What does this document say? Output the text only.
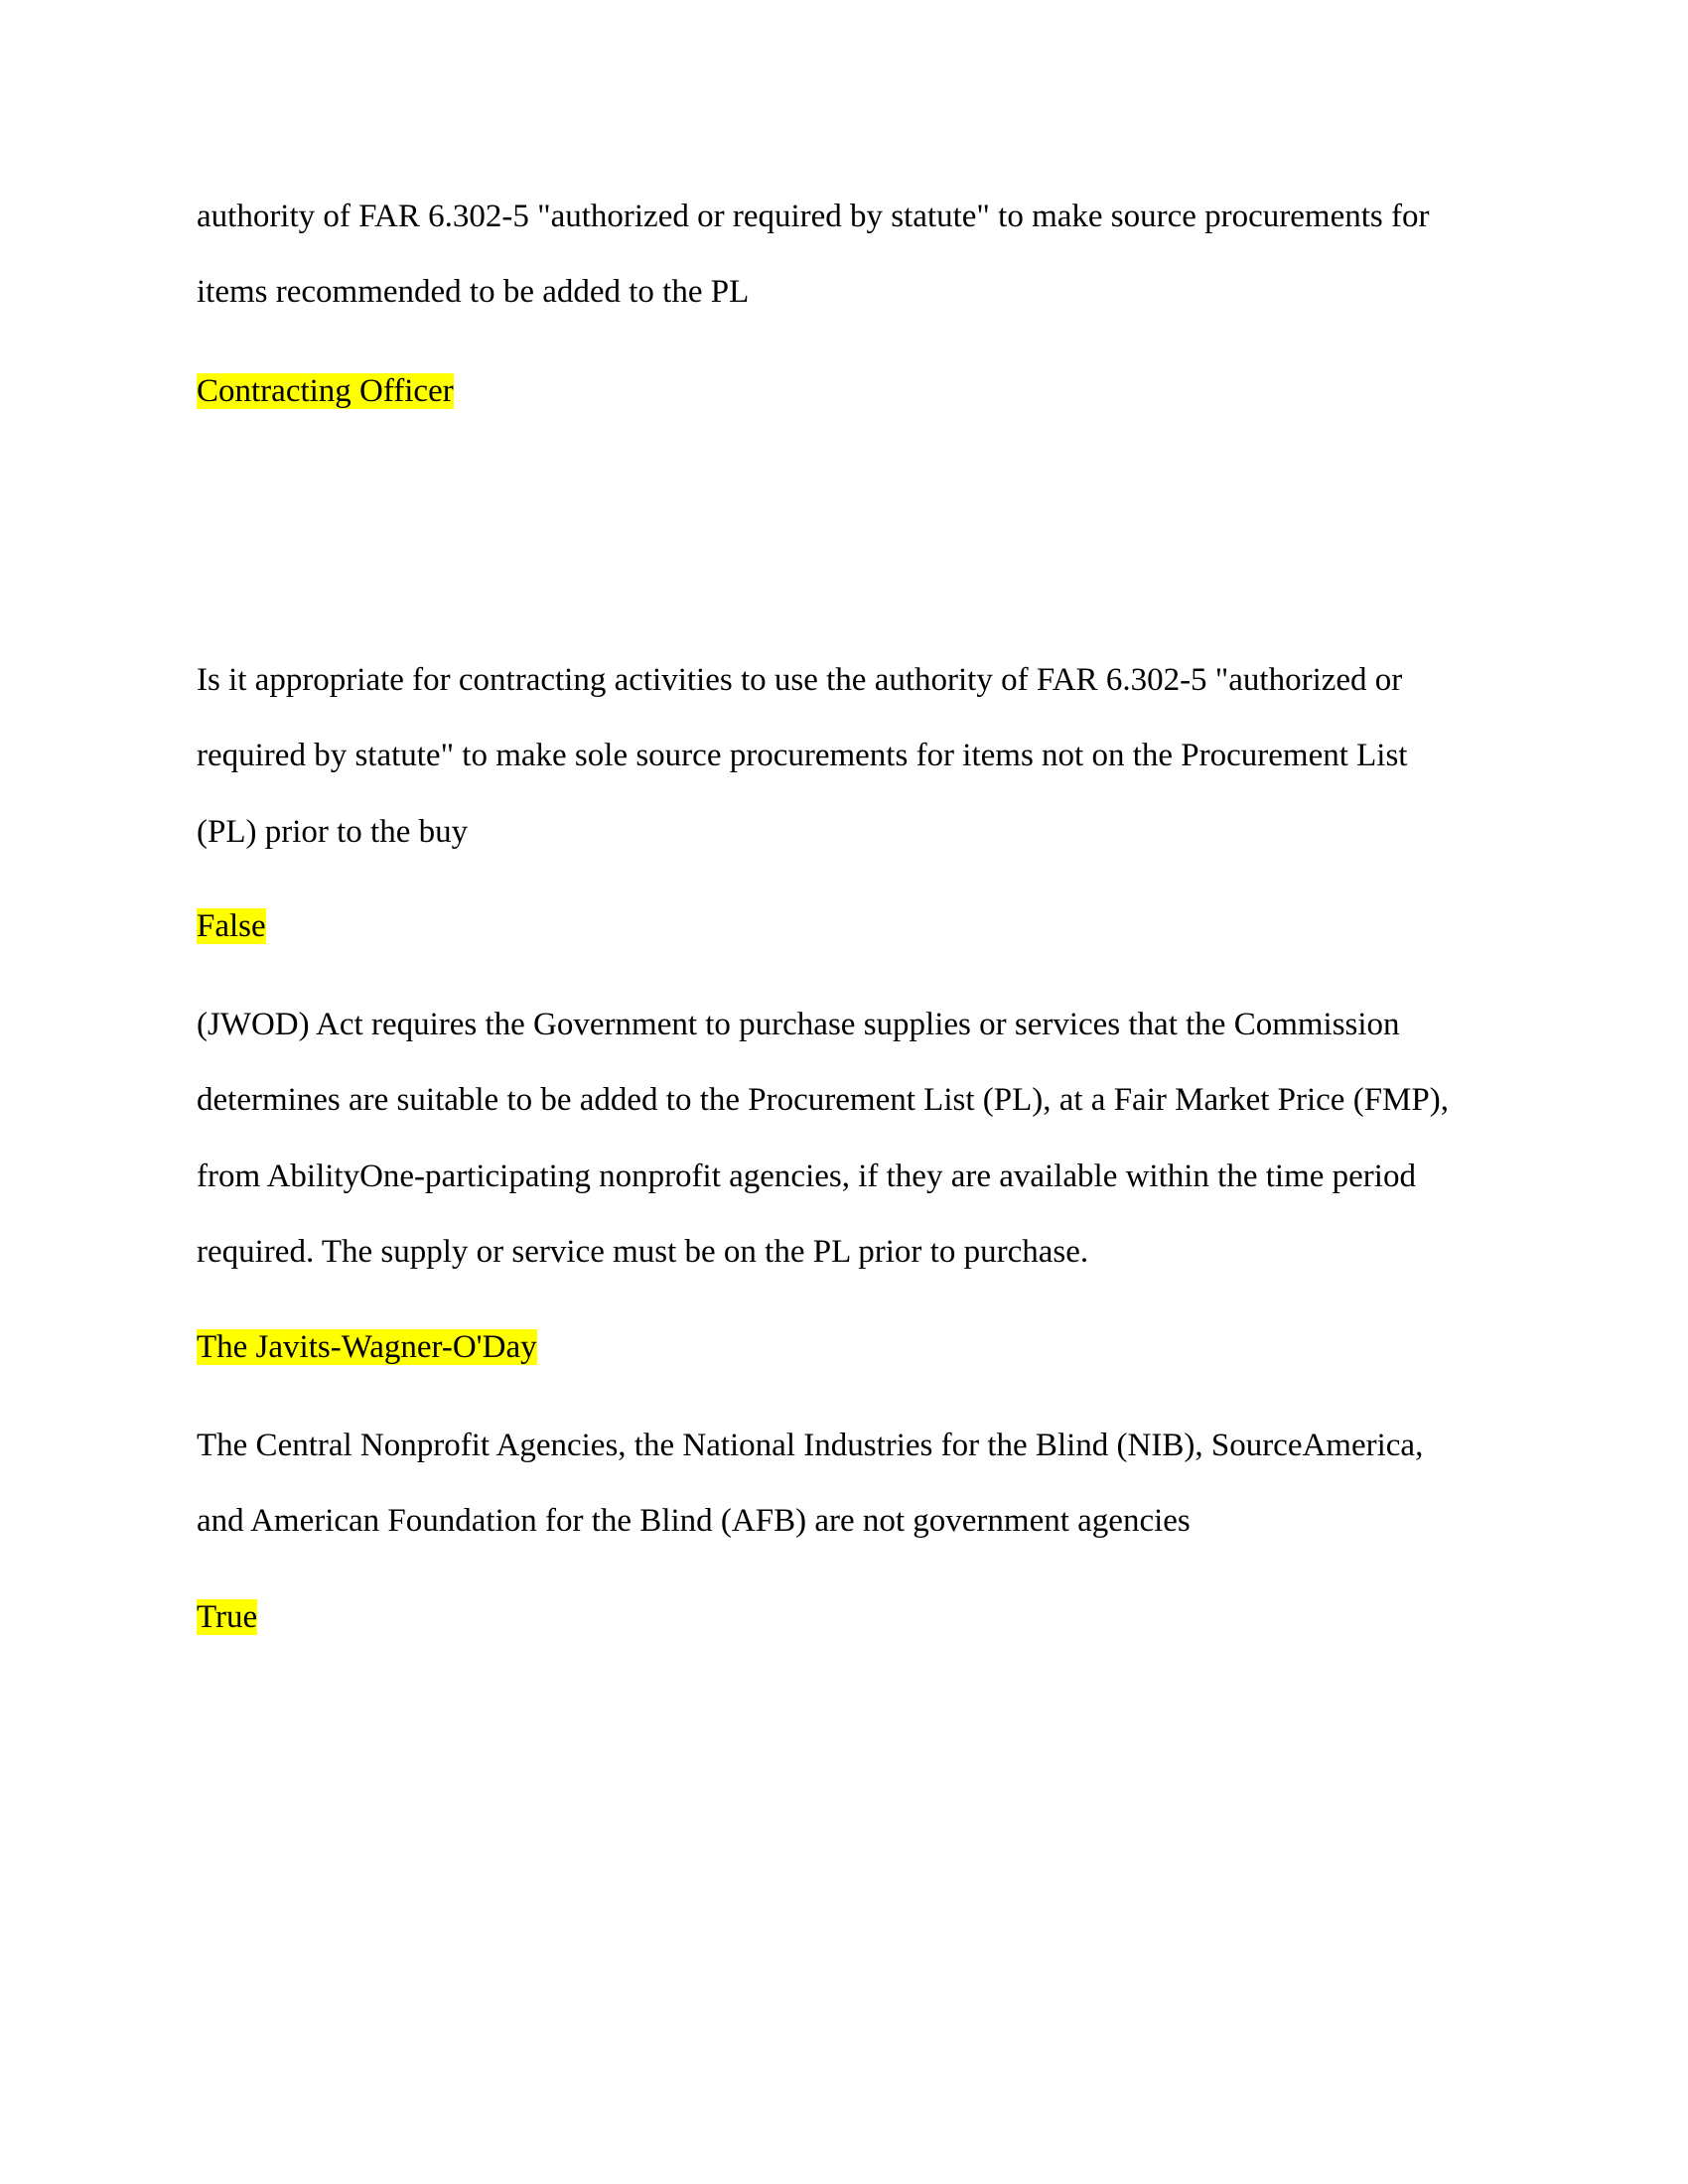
authority of FAR 6.302-5 "authorized or required by statute" to make source procurements for
items recommended to be added to the PL
Contracting Officer
Is it appropriate for contracting activities to use the authority of FAR 6.302-5 "authorized or
required by statute" to make sole source procurements for items not on the Procurement List
(PL) prior to the buy
False
(JWOD) Act requires the Government to purchase supplies or services that the Commission
determines are suitable to be added to the Procurement List (PL), at a Fair Market Price (FMP),
from AbilityOne-participating nonprofit agencies, if they are available within the time period
required. The supply or service must be on the PL prior to purchase.
The Javits-Wagner-O'Day
The Central Nonprofit Agencies, the National Industries for the Blind (NIB), SourceAmerica,
and American Foundation for the Blind (AFB) are not government agencies
True
